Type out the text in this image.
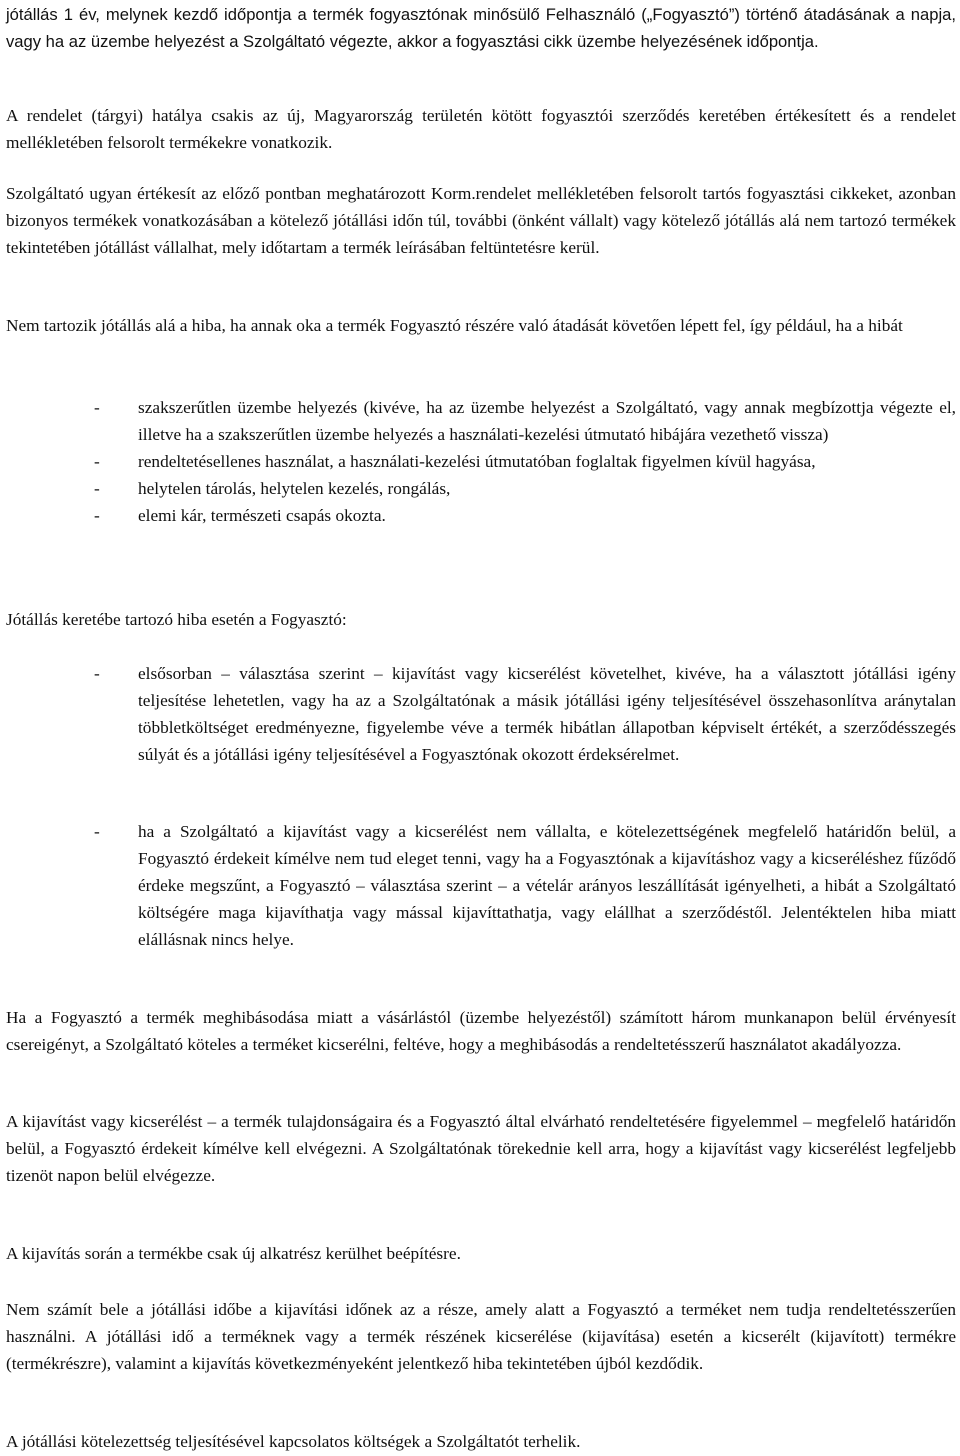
jótállás 1 év, melynek kezdő időpontja a termék fogyasztónak minősülő Felhasználó („Fogyasztó”) történő átadásának a napja, vagy ha az üzembe helyezést a Szolgáltató végezte, akkor a fogyasztási cikk üzembe helyezésének időpontja.

A rendelet (tárgyi) hatálya csakis az új, Magyarország területén kötött fogyasztói szerződés keretében értékesített és a rendelet mellékletében felsorolt termékekre vonatkozik.

Szolgáltató ugyan értékesít az előző pontban meghatározott Korm.rendelet mellékletében felsorolt tartós fogyasztási cikkeket, azonban bizonyos termékek vonatkozásában a kötelező jótállási időn túl, további (önként vállalt) vagy kötelező jótállás alá nem tartozó termékek tekintetében jótállást vállalhat, mely időtartam a termék leírásában feltüntetésre kerül.

Nem tartozik jótállás alá a hiba, ha annak oka a termék Fogyasztó részére való átadását követően lépett fel, így például, ha a hibát

- szakszerűtlen üzembe helyezés (kivéve, ha az üzembe helyezést a Szolgáltató, vagy annak megbízottja végezte el, illetve ha a szakszerűtlen üzembe helyezés a használati-kezelési útmutató hibájára vezethető vissza)
- rendeltetésellenes használat, a használati-kezelési útmutatóban foglaltak figyelmen kívül hagyása,
- helytelen tárolás, helytelen kezelés, rongálás,
- elemi kár, természeti csapás okozta.

Jótállás keretébe tartozó hiba esetén a Fogyasztó:

- elsősorban – választása szerint – kijavítást vagy kicserélést követelhet, kivéve, ha a választott jótállási igény teljesítése lehetetlen, vagy ha az a Szolgáltatónak a másik jótállási igény teljesítésével összehasonlítva aránytalan többletköltséget eredményezne, figyelembe véve a termék hibátlan állapotban képviselt értékét, a szerződésszegés súlyát és a jótállási igény teljesítésével a Fogyasztónak okozott érdeksérelmet.
- ha a Szolgáltató a kijavítást vagy a kicserélést nem vállalta, e kötelezettségének megfelelő határidőn belül, a Fogyasztó érdekeit kímélve nem tud eleget tenni, vagy ha a Fogyasztónak a kijavításhoz vagy a kicseréléshez fűződő érdeke megszűnt, a Fogyasztó – választása szerint – a vételár arányos leszállítását igényelheti, a hibát a Szolgáltató költségére maga kijavíthatja vagy mással kijavíttathatja, vagy elállhat a szerződéstől. Jelentéktelen hiba miatt elállásnak nincs helye.

Ha a Fogyasztó a termék meghibásodása miatt a vásárlástól (üzembe helyezéstől) számított három munkanapon belül érvényesít csereigényt, a Szolgáltató köteles a terméket kicserélni, feltéve, hogy a meghibásodás a rendeltetésszerű használatot akadályozza.

A kijavítást vagy kicserélést – a termék tulajdonságaira és a Fogyasztó által elvárható rendeltetésére figyelemmel – megfelelő határidőn belül, a Fogyasztó érdekeit kímélve kell elvégezni. A Szolgáltatónak törekednie kell arra, hogy a kijavítást vagy kicserélést legfeljebb tizenöt napon belül elvégezze.

A kijavítás során a termékbe csak új alkatrész kerülhet beépítésre.

Nem számít bele a jótállási időbe a kijavítási időnek az a része, amely alatt a Fogyasztó a terméket nem tudja rendeltetésszerűen használni. A jótállási idő a terméknek vagy a termék részének kicserélése (kijavítása) esetén a kicserélt (kijavított) termékre (termékrészre), valamint a kijavítás következményeként jelentkező hiba tekintetében újból kezdődik.

A jótállási kötelezettség teljesítésével kapcsolatos költségek a Szolgáltatót terhelik.
